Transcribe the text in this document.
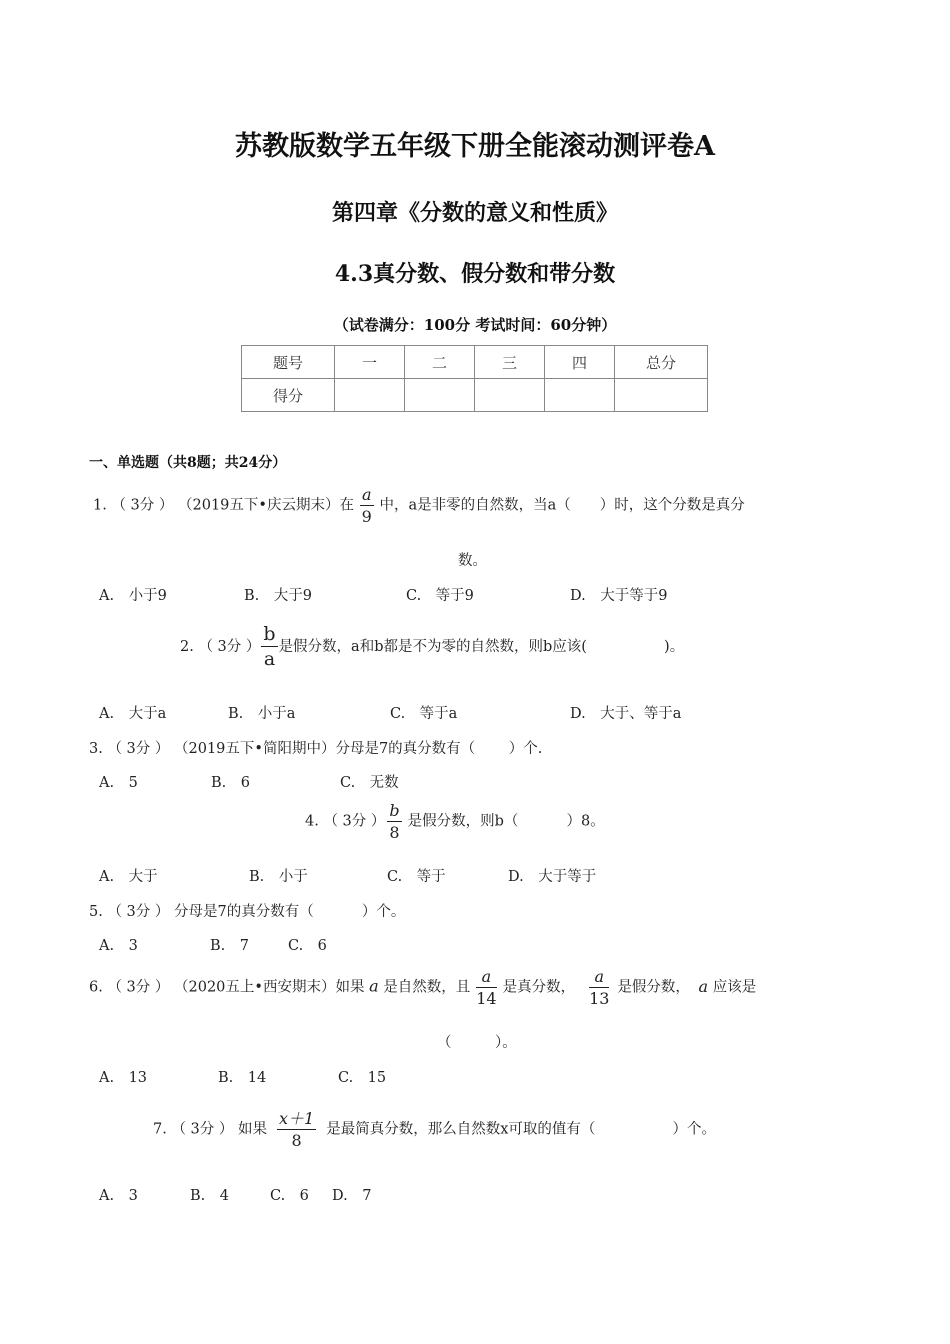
苏教版数学五年级下册全能滚动测评卷A
第四章《分数的意义和性质》
4.3真分数、假分数和带分数
（试卷满分：100分 考试时间：60分钟）
题号	一	二	三	四	总分
得分					
一、单选题（共8题；共24分）
1. （ 3分 ） （2019五下•庆云期末）在 $\frac{a}{9}$ 中，a是非零的自然数，当a（　　）时，这个分数是真分
数。
A.　小于9	B.　大于9	C.　等于9	D.　大于等于9
2. （ 3分 ） $\frac{b}{a}$ 是假分数，a和b都是不为零的自然数，则b应该(　　　　　 )。
A.　大于a	B.　小于a	C.　等于a	D.　大于、等于a
3. （ 3分 ） （2019五下•简阳期中）分母是7的真分数有（　　 ）个.
A.　5	B.　6	C.　无数
4. （ 3分 ） $\frac{b}{8}$ 是假分数，则b（　　　 ）8。
A.　大于	B.　小于	C.　等于	D.　大于等于
5. （ 3分 ） 分母是7的真分数有（　　　 ）个。
A.　3	B.　7	C.　6
6. （ 3分 ） （2020五上•西安期末）如果 a 是自然数，且 $\frac{a}{14}$ 是真分数， $\frac{a}{13}$ 是假分数， a 应该是
（　　　）。
A.　13	B.　14	C.　15
7. （ 3分 ） 如果 $\frac{x+1}{8}$ 是最简真分数，那么自然数x可取的值有（　　　　　 ）个。
A.　3	B.　4	C.　6 D.　7
